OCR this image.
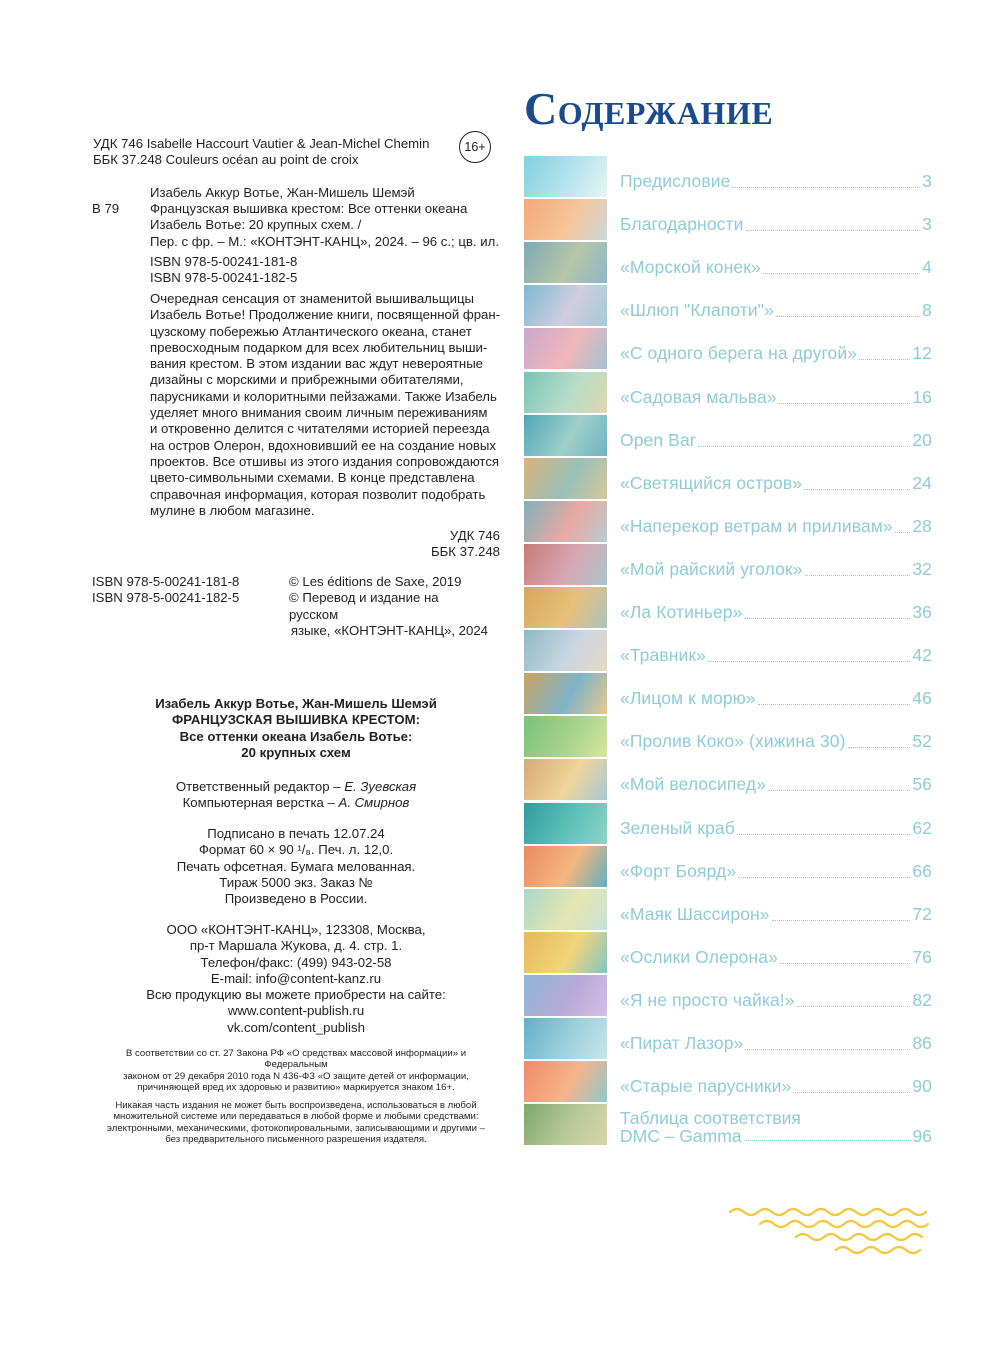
УДК 746 Isabelle Haccourt Vautier & Jean-Michel Chemin
ББК 37.248 Couleurs océan au point de croix
16+
Изабель Аккур Вотье, Жан-Мишель Шемэй
В 79 Французская вышивка крестом: Все оттенки океана
Изабель Вотье: 20 крупных схем. /
Пер. с фр. – М.: «КОНТЭНТ-КАНЦ», 2024. – 96 с.; цв. ил.
ISBN 978-5-00241-181-8
ISBN 978-5-00241-182-5
Очередная сенсация от знаменитой вышивальщицы
Изабель Вотье! Продолжение книги, посвященной фран-
цузскому побережью Атлантического океана, станет
превосходным подарком для всех любительниц выши-
вания крестом. В этом издании вас ждут невероятные
дизайны с морскими и прибрежными обитателями,
парусниками и колоритными пейзажами. Также Изабель
уделяет много внимания своим личным переживаниям
и откровенно делится с читателями историей переезда
на остров Олерон, вдохновивший ее на создание новых
проектов. Все отшивы из этого издания сопровождаются
цвето-символьными схемами. В конце представлена
справочная информация, которая позволит подобрать
мулине в любом магазине.
УДК 746
ББК 37.248
ISBN 978-5-00241-181-8
ISBN 978-5-00241-182-5
© Les éditions de Saxe, 2019
© Перевод и издание на русском
языке, «КОНТЭНТ-КАНЦ», 2024
Изабель Аккур Вотье, Жан-Мишель Шемэй
ФРАНЦУЗСКАЯ ВЫШИВКА КРЕСТОМ:
Все оттенки океана Изабель Вотье:
20 крупных схем
Ответственный редактор – Е. Зуевская
Компьютерная верстка – А. Смирнов
Подписано в печать 12.07.24
Формат 60 × 90 ¹/₈. Печ. л. 12,0.
Печать офсетная. Бумага мелованная.
Тираж 5000 экз. Заказ №
Произведено в России.
ООО «КОНТЭНТ-КАНЦ», 123308, Москва,
пр-т Маршала Жукова, д. 4. стр. 1.
Телефон/факс: (499) 943-02-58
E-mail: info@content-kanz.ru
Всю продукцию вы можете приобрести на сайте:
www.content-publish.ru
vk.com/content_publish
В соответствии со ст. 27 Закона РФ «О средствах массовой информации» и Федеральным
законом от 29 декабря 2010 года N 436-ФЗ «О защите детей от информации,
причиняющей вред их здоровью и развитию» маркируется знаком 16+.
Никакая часть издания не может быть воспроизведена, использоваться в любой
множительной системе или передаваться в любой форме и любыми средствами:
электронными, механическими, фотокопировальными, записывающими и другими –
без предварительного письменного разрешения издателя.
Содержание
Предисловие	3
Благодарности	3
«Морской конек»	4
«Шлюп "Клапоти"»	8
«С одного берега на другой»	12
«Садовая мальва»	16
Open Bar	20
«Светящийся остров»	24
«Наперекор ветрам и приливам» 28
«Мой райский уголок»	32
«Ла Котиньер»	36
«Травник»	42
«Лицом к морю»	46
«Пролив Коко» (хижина 30)	52
«Мой велосипед»	56
Зеленый краб	62
«Форт Боярд»	66
«Маяк Шассирон»	72
«Ослики Олерона»	76
«Я не просто чайка!»	82
«Пират Лазор»	86
«Старые парусники»	90
Таблица соответствия
DMC – Gamma	96
